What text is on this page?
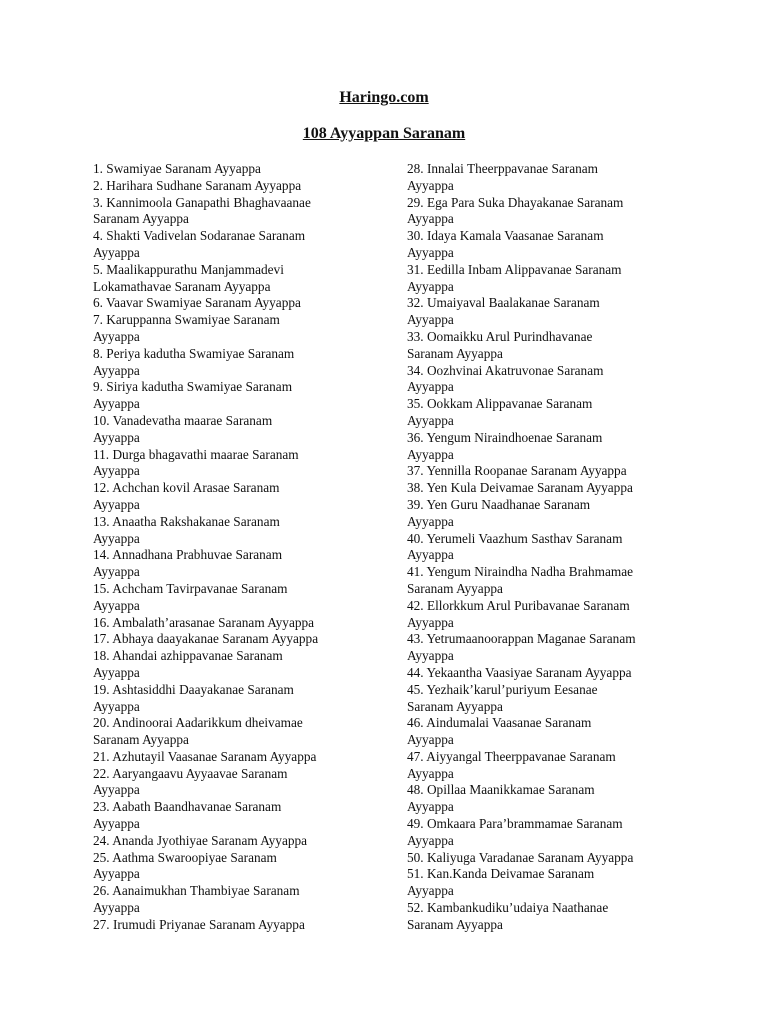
Haringo.com
108 Ayyappan Saranam
1. Swamiyae Saranam Ayyappa
2. Harihara Sudhane Saranam Ayyappa
3. Kannimoola Ganapathi Bhaghavaanae
Saranam Ayyappa
4. Shakti Vadivelan Sodaranae Saranam
Ayyappa
5. Maalikappurathu Manjammadevi
Lokamathavae Saranam Ayyappa
6. Vaavar Swamiyae Saranam Ayyappa
7. Karuppanna Swamiyae Saranam
Ayyappa
8. Periya kadutha Swamiyae Saranam
Ayyappa
9. Siriya kadutha Swamiyae Saranam
Ayyappa
10. Vanadevatha maarae Saranam
Ayyappa
11. Durga bhagavathi maarae Saranam
Ayyappa
12. Achchan kovil Arasae Saranam
Ayyappa
13. Anaatha Rakshakanae Saranam
Ayyappa
14. Annadhana Prabhuvae Saranam
Ayyappa
15. Achcham Tavirpavanae Saranam
Ayyappa
16. Ambalath’arasanae Saranam Ayyappa
17. Abhaya daayakanae Saranam Ayyappa
18. Ahandai azhippavanae Saranam
Ayyappa
19. Ashtasiddhi Daayakanae Saranam
Ayyappa
20. Andinoorai Aadarikkum dheivamae
Saranam Ayyappa
21. Azhutayil Vaasanae Saranam Ayyappa
22. Aaryangaavu Ayyaavae Saranam
Ayyappa
23. Aabath Baandhavanae Saranam
Ayyappa
24. Ananda Jyothiyae Saranam Ayyappa
25. Aathma Swaroopiyae Saranam
Ayyappa
26. Aanaimukhan Thambiyae Saranam
Ayyappa
27. Irumudi Priyanae Saranam Ayyappa
28. Innalai Theerppavanae Saranam
Ayyappa
29. Ega Para Suka Dhayakanae Saranam
Ayyappa
30. Idaya Kamala Vaasanae Saranam
Ayyappa
31. Eedilla Inbam Alippavanae Saranam
Ayyappa
32. Umaiyaval Baalakanae Saranam
Ayyappa
33. Oomaikku Arul Purindhavanae
Saranam Ayyappa
34. Oozhvinai Akatruvonae Saranam
Ayyappa
35. Ookkam Alippavanae Saranam
Ayyappa
36. Yengum Niraindhoenae Saranam
Ayyappa
37. Yennilla Roopanae Saranam Ayyappa
38. Yen Kula Deivamae Saranam Ayyappa
39. Yen Guru Naadhanae Saranam
Ayyappa
40. Yerumeli Vaazhum Sasthav Saranam
Ayyappa
41. Yengum Niraindha Nadha Brahmamae
Saranam Ayyappa
42. Ellorkkum Arul Puribavanae Saranam
Ayyappa
43. Yetrumaanoorappan Maganae Saranam
Ayyappa
44. Yekaantha Vaasiyae Saranam Ayyappa
45. Yezhaik’karul’puriyum Eesanae
Saranam Ayyappa
46. Aindumalai Vaasanae Saranam
Ayyappa
47. Aiyyangal Theerppavanae Saranam
Ayyappa
48. Opillaa Maanikkamae Saranam
Ayyappa
49. Omkaara Para’brammamae Saranam
Ayyappa
50. Kaliyuga Varadanae Saranam Ayyappa
51. Kan.Kanda Deivamae Saranam
Ayyappa
52. Kambankudiku’udaiya Naathanae
Saranam Ayyappa
